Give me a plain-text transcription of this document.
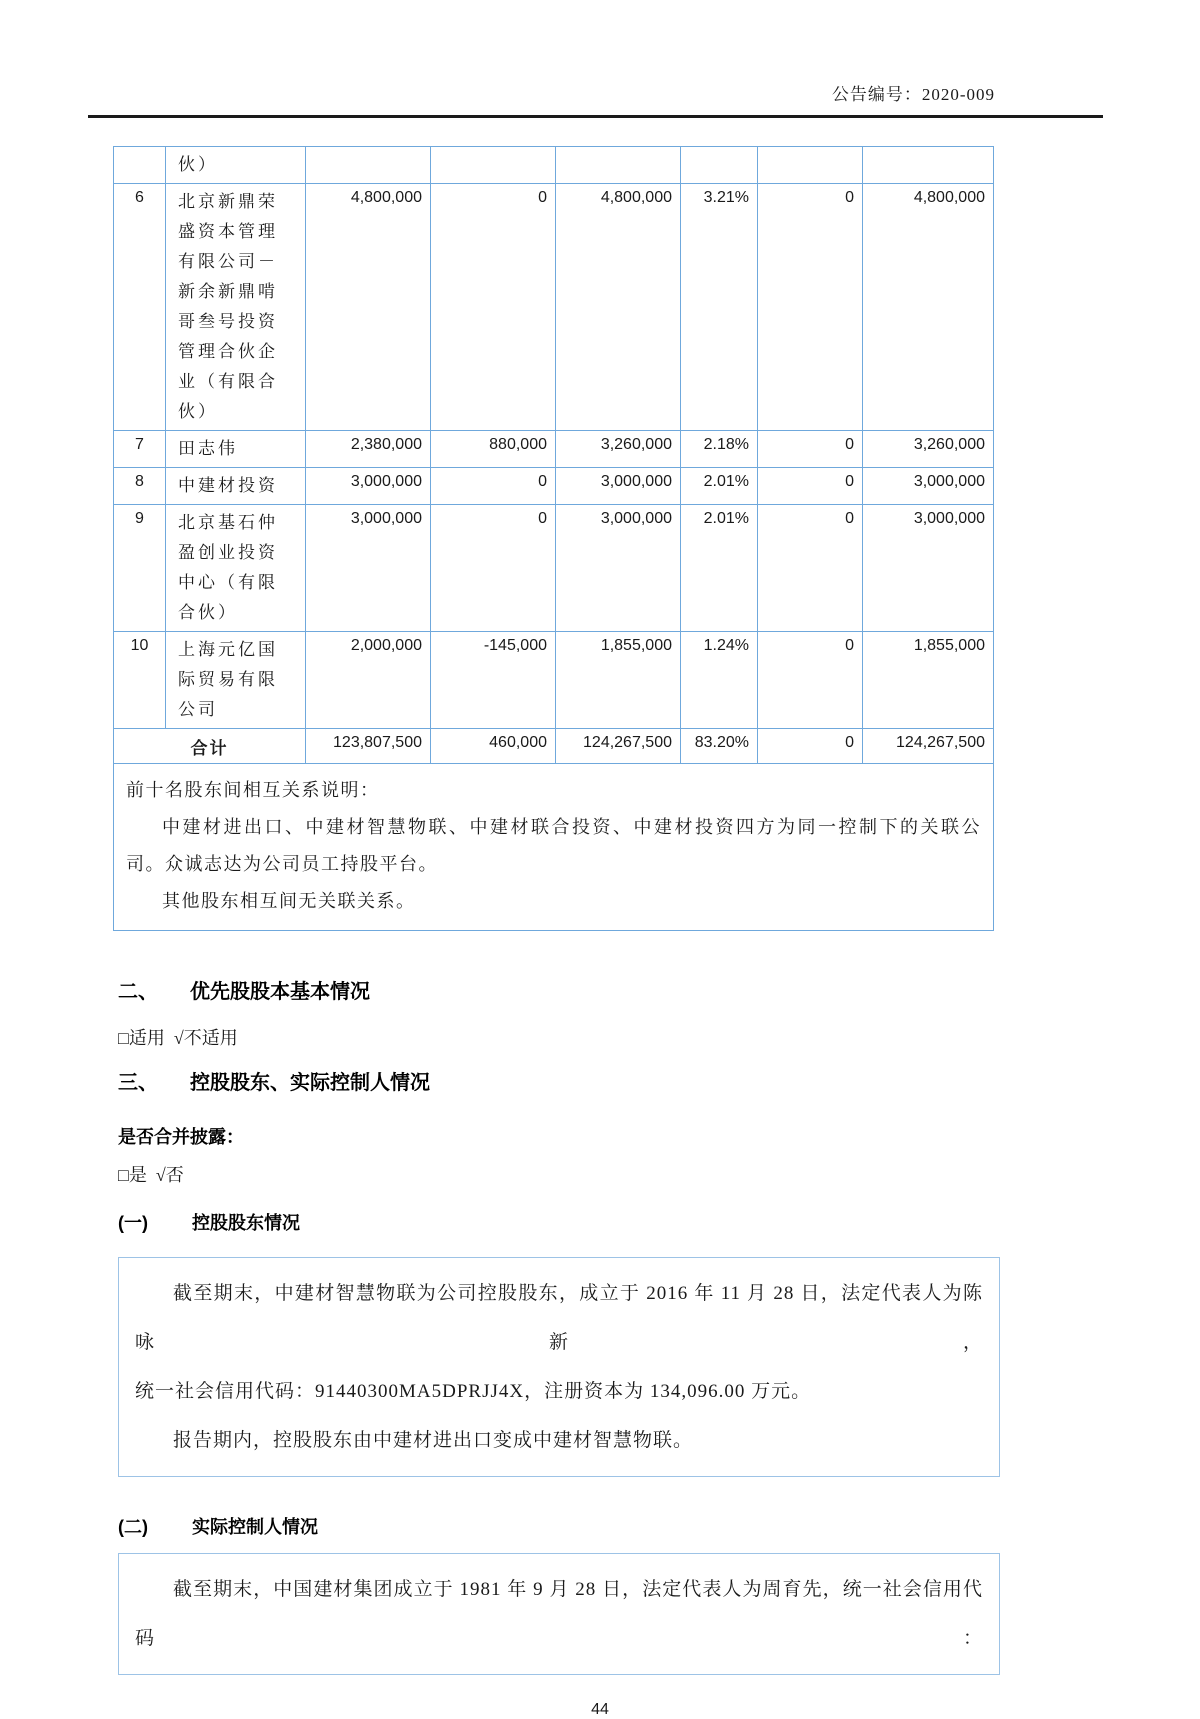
公告编号：2020-009
	伙）						
6	北京新鼎荣盛资本管理有限公司－新余新鼎啃哥叁号投资管理合伙企业（有限合伙）	4,800,000	0	4,800,000	3.21%	0	4,800,000
7	田志伟	2,380,000	880,000	3,260,000	2.18%	0	3,260,000
8	中建材投资	3,000,000	0	3,000,000	2.01%	0	3,000,000
9	北京基石仲盈创业投资中心（有限合伙）	3,000,000	0	3,000,000	2.01%	0	3,000,000
10	上海元亿国际贸易有限公司	2,000,000	-145,000	1,855,000	1.24%	0	1,855,000
合计		123,807,500	460,000	124,267,500	83.20%	0	124,267,500

前十名股东间相互关系说明：
中建材进出口、中建材智慧物联、中建材联合投资、中建材投资四方为同一控制下的关联公
司。众诚志达为公司员工持股平台。
其他股东相互间无关联关系。							
二、 优先股股本基本情况
□适用  √不适用
三、 控股股东、实际控制人情况
是否合并披露：
□是  √否
(一) 控股股东情况
截至期末，中建材智慧物联为公司控股股东，成立于 2016 年 11 月 28 日，法定代表人为陈咏新，
统一社会信用代码：91440300MA5DPRJJ4X，注册资本为 134,096.00 万元。
报告期内，控股股东由中建材进出口变成中建材智慧物联。
(二) 实际控制人情况
截至期末，中国建材集团成立于 1981 年 9 月 28 日，法定代表人为周育先，统一社会信用代码：
44
